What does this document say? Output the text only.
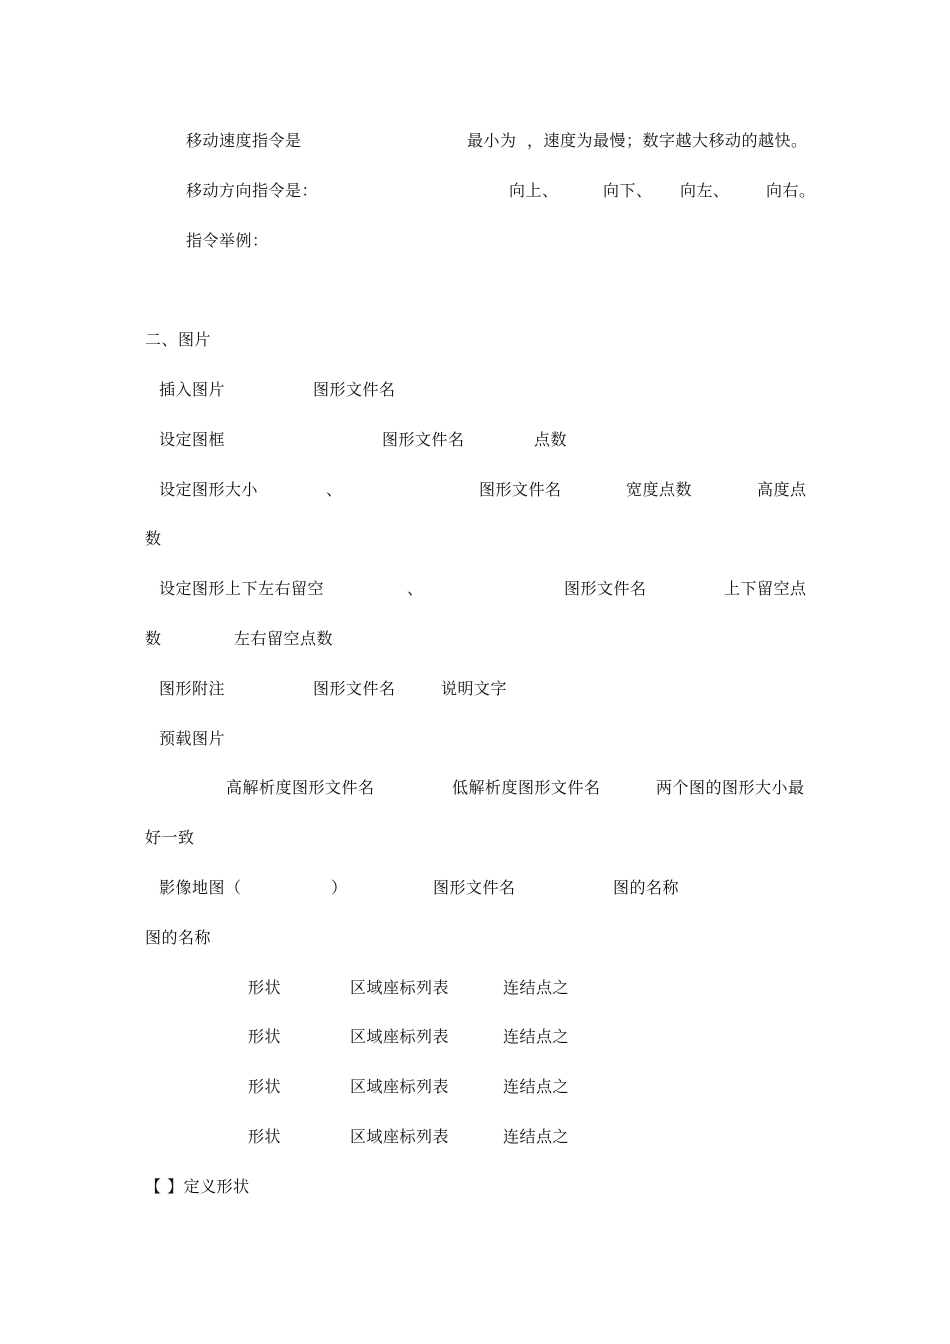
移动速度指令是	最小为 ，速度为最慢；数字越大移动的越快。
移动方向指令是：	向上、	向下、 向左、 向右。
指令举例：
二、图片
插入图片	图形文件名
设定图框	图形文件名	点数
设定图形大小	、	图形文件名	宽度点数	高度点
数
设定图形上下左右留空	、	图形文件名	上下留空点
数	左右留空点数
图形附注	图形文件名	说明文字
预载图片
高解析度图形文件名	低解析度图形文件名	两个图的图形大小最
好一致
影像地图（	）	图形文件名	图的名称
图的名称
形状	区域座标列表	连结点之
形状	区域座标列表	连结点之
形状	区域座标列表	连结点之
形状	区域座标列表	连结点之
【 】定义形状
